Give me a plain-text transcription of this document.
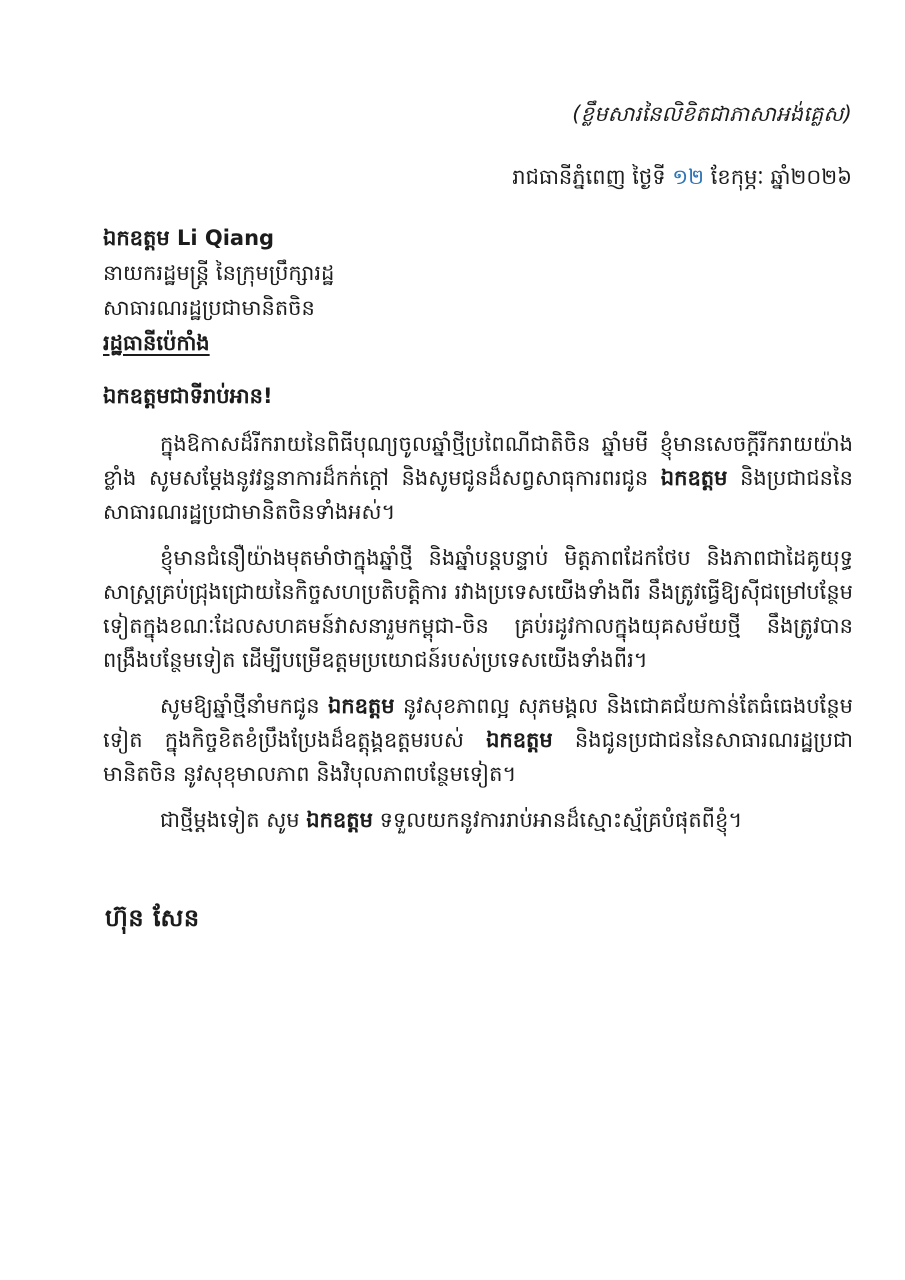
(ខ្លឹមសារនៃលិខិតជាភាសាអង់គ្លេស)
រាជធានីភ្នំពេញ ថ្ងៃទី ១២ ខែកុម្ភៈ ឆ្នាំ២០២៦
ឯកឧត្តម Li Qiang
នាយករដ្ឋមន្ត្រី នៃក្រុមប្រឹក្សារដ្ឋ
សាធារណរដ្ឋប្រជាមានិតចិន
រដ្ឋធានីប៉េកាំង
ឯកឧត្តមជាទីរាប់អាន!

ក្នុងឱកាសដ៏រីករាយនៃពិធីបុណ្យចូលឆ្នាំថ្មីប្រពៃណីជាតិចិន ឆ្នាំមមី ខ្ញុំមានសេចក្តីរីករាយយ៉ាងខ្លាំង សូមសម្តែងនូវវន្ទនាការដ៏កក់ក្តៅ និងសូមជូនដ៏សព្វសាធុការពរជូន ឯកឧត្តម និងប្រជាជននៃសាធារណរដ្ឋប្រជាមានិតចិនទាំងអស់។

ខ្ញុំមានជំនឿយ៉ាងមុតមាំថាក្នុងឆ្នាំថ្មី និងឆ្នាំបន្តបន្ទាប់ មិត្តភាពដែកថែប និងភាពជាដៃគូយុទ្ធសាស្ត្រគ្រប់ជ្រុងជ្រោយនៃកិច្ចសហប្រតិបត្តិការ រវាងប្រទេសយើងទាំងពីរ នឹងត្រូវធ្វើឱ្យស៊ីជម្រៅបន្ថែមទៀតក្នុងខណៈដែលសហគមន៍វាសនារួមកម្ពុជា-ចិន គ្រប់រដូវកាលក្នុងយុគសម័យថ្មី នឹងត្រូវបានពង្រឹងបន្ថែមទៀត ដើម្បីបម្រើឧត្តមប្រយោជន៍របស់ប្រទេសយើងទាំងពីរ។

សូមឱ្យឆ្នាំថ្មីនាំមកជូន ឯកឧត្តម នូវសុខភាពល្អ សុភមង្គល និងជោគជ័យកាន់តែធំធេងបន្ថែមទៀត ក្នុងកិច្ចខិតខំប្រឹងប្រែងដ៏ឧត្តុង្គឧត្តមរបស់ ឯកឧត្តម និងជូនប្រជាជននៃសាធារណរដ្ឋប្រជាមានិតចិន នូវសុខុមាលភាព និងវិបុលភាពបន្ថែមទៀត។

ជាថ្មីម្តងទៀត សូម ឯកឧត្តម ទទួលយកនូវការរាប់អានដ៏ស្មោះស្ម័គ្របំផុតពីខ្ញុំ។

ហ៊ុន សែន
